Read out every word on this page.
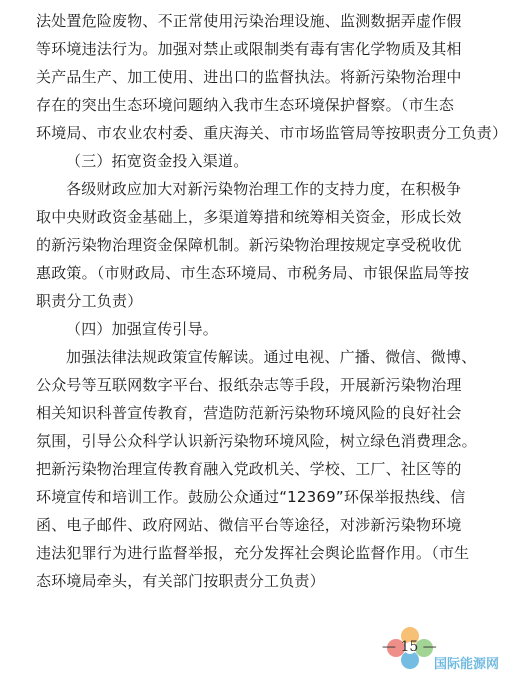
法处置危险废物、不正常使用污染治理设施、监测数据弄虚作假
等环境违法行为。加强对禁止或限制类有毒有害化学物质及其相
关产品生产、加工使用、进出口的监督执法。将新污染物治理中
存在的突出生态环境问题纳入我市生态环境保护督察。（市生态
环境局、市农业农村委、重庆海关、市市场监管局等按职责分工负责）
（三）拓宽资金投入渠道。
各级财政应加大对新污染物治理工作的支持力度，在积极争
取中央财政资金基础上，多渠道筹措和统筹相关资金，形成长效
的新污染物治理资金保障机制。新污染物治理按规定享受税收优
惠政策。（市财政局、市生态环境局、市税务局、市银保监局等按
职责分工负责）
（四）加强宣传引导。
加强法律法规政策宣传解读。通过电视、广播、微信、微博、
公众号等互联网数字平台、报纸杂志等手段，开展新污染物治理
相关知识科普宣传教育，营造防范新污染物环境风险的良好社会
氛围，引导公众科学认识新污染物环境风险，树立绿色消费理念。
把新污染物治理宣传教育融入党政机关、学校、工厂、社区等的
环境宣传和培训工作。鼓励公众通过“12369”环保举报热线、信
函、电子邮件、政府网站、微信平台等途径，对涉新污染物环境
违法犯罪行为进行监督举报，充分发挥社会舆论监督作用。（市生
态环境局牵头，有关部门按职责分工负责）
国际能源网
— 15 —
